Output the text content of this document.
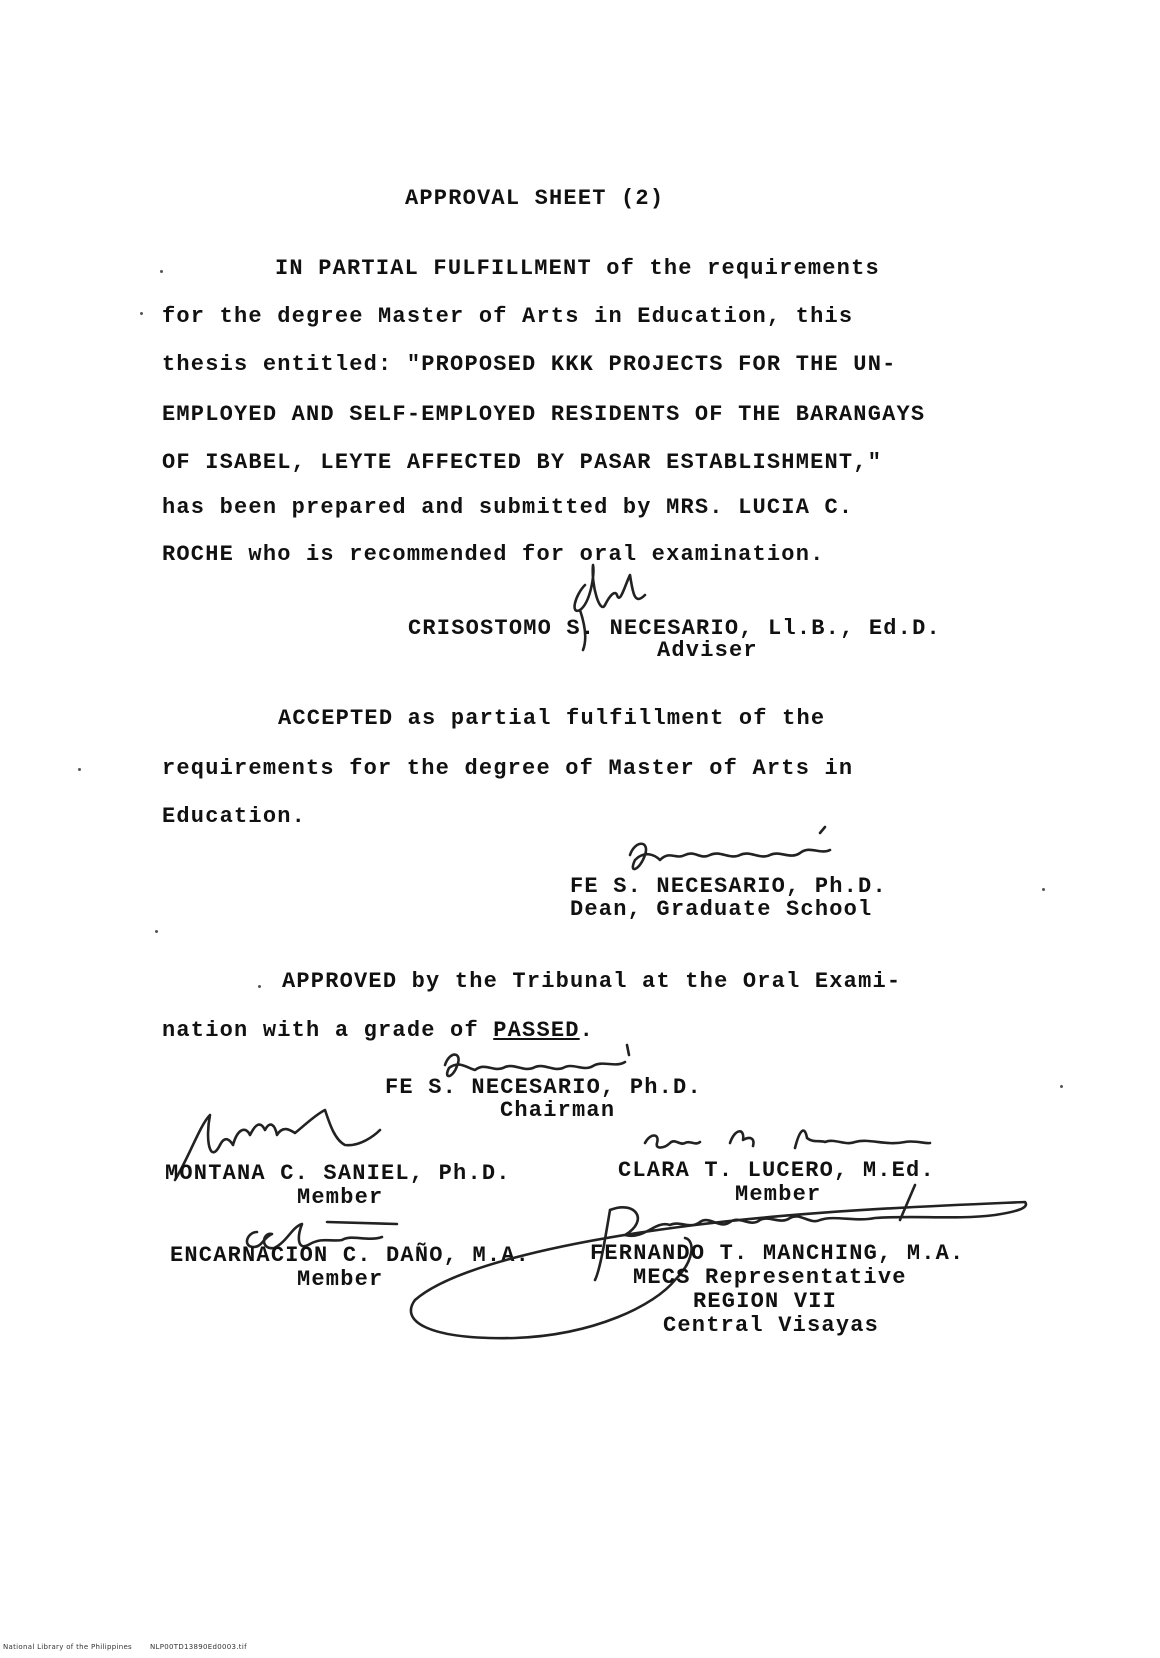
APPROVAL SHEET (2)
IN PARTIAL FULFILLMENT of the requirements
for the degree Master of Arts in Education, this
thesis entitled: "PROPOSED KKK PROJECTS FOR THE UN-
EMPLOYED AND SELF-EMPLOYED RESIDENTS OF THE BARANGAYS
OF ISABEL, LEYTE AFFECTED BY PASAR ESTABLISHMENT,"
has been prepared and submitted by MRS. LUCIA C.
ROCHE who is recommended for oral examination.
CRISOSTOMO S. NECESARIO, Ll.B., Ed.D.
Adviser
ACCEPTED as partial fulfillment of the
requirements for the degree of Master of Arts in
Education.
FE S. NECESARIO, Ph.D.
Dean, Graduate School
APPROVED by the Tribunal at the Oral Exami-
nation with a grade of PASSED.
FE S. NECESARIO, Ph.D.
Chairman
MONTANA C. SANIEL, Ph.D.
Member
CLARA T. LUCERO, M.Ed.
Member
ENCARNACION C. DAÑO, M.A.
Member
FERNANDO T. MANCHING, M.A.
MECS Representative
REGION VII
Central Visayas
National Library of the Philippines	NLP00TD13890Ed0003.tif
